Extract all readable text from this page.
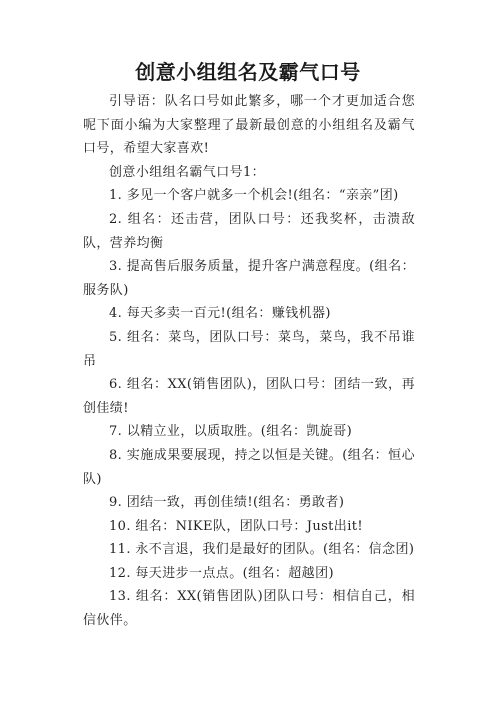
创意小组组名及霸气口号

引导语：队名口号如此繁多，哪一个才更加适合您呢下面小编为大家整理了最新最创意的小组组名及霸气口号，希望大家喜欢!

创意小组组名霸气口号1：

1. 多见一个客户就多一个机会!(组名：“亲亲”团)

2. 组名：还击营，团队口号：还我奖杯，击溃敌队，营养均衡

3. 提高售后服务质量，提升客户满意程度。(组名：服务队)

4. 每天多卖一百元!(组名：赚钱机器)

5. 组名：菜鸟，团队口号：菜鸟，菜鸟，我不吊谁吊

6. 组名：XX(销售团队)，团队口号：团结一致，再创佳绩!

7. 以精立业，以质取胜。(组名：凯旋哥)

8. 实施成果要展现，持之以恒是关键。(组名：恒心队)

9. 团结一致，再创佳绩!(组名：勇敢者)

10. 组名：NIKE队，团队口号：Just出it!

11. 永不言退，我们是最好的团队。(组名：信念团)

12. 每天进步一点点。(组名：超越团)

13. 组名：XX(销售团队)团队口号：相信自己，相信伙伴。
